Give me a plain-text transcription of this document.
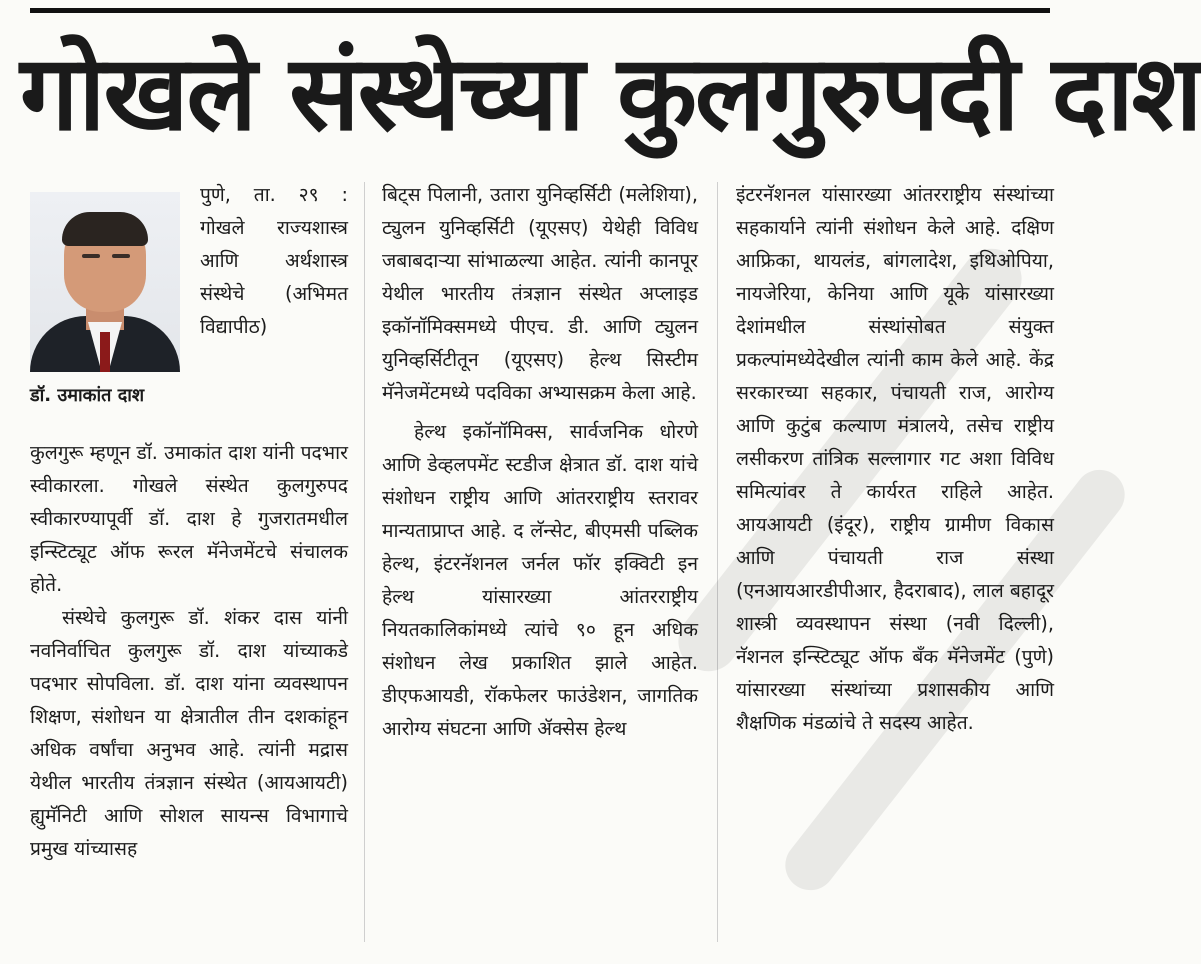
गोखले संस्थेच्या कुलगुरुपदी दाश
डॉ. उमाकांत दाश

पुणे, ता. २९ : गोखले राज्यशास्त्र आणि अर्थशास्त्र संस्थेचे (अभिमत विद्यापीठ)

कुलगुरू म्हणून डॉ. उमाकांत दाश यांनी पदभार स्वीकारला. गोखले संस्थेत कुलगुरुपद स्वीकारण्यापूर्वी डॉ. दाश हे गुजरातमधील इन्स्टिट्यूट ऑफ रूरल मॅनेजमेंटचे संचालक होते.

संस्थेचे कुलगुरू डॉ. शंकर दास यांनी नवनिर्वाचित कुलगुरू डॉ. दाश यांच्याकडे पदभार सोपविला. डॉ. दाश यांना व्यवस्थापन शिक्षण, संशोधन या क्षेत्रातील तीन दशकांहून अधिक वर्षांचा अनुभव आहे. त्यांनी मद्रास येथील भारतीय तंत्रज्ञान संस्थेत (आयआयटी) ह्युमॅनिटी आणि सोशल सायन्स विभागाचे प्रमुख यांच्यासह

बिट्स पिलानी, उतारा युनिव्हर्सिटी (मलेशिया), ट्युलन युनिव्हर्सिटी (यूएसए) येथेही विविध जबाबदाऱ्या सांभाळल्या आहेत. त्यांनी कानपूर येथील भारतीय तंत्रज्ञान संस्थेत अप्लाइड इकॉनॉमिक्समध्ये पीएच. डी. आणि ट्युलन युनिव्हर्सिटीतून (यूएसए) हेल्थ सिस्टीम मॅनेजमेंटमध्ये पदविका अभ्यासक्रम केला आहे.

हेल्थ इकॉनॉमिक्स, सार्वजनिक धोरणे आणि डेव्हलपमेंट स्टडीज क्षेत्रात डॉ. दाश यांचे संशोधन राष्ट्रीय आणि आंतरराष्ट्रीय स्तरावर मान्यताप्राप्त आहे. द लॅन्सेट, बीएमसी पब्लिक हेल्थ, इंटरनॅशनल जर्नल फॉर इक्विटी इन हेल्थ यांसारख्या आंतरराष्ट्रीय नियतकालिकांमध्ये त्यांचे ९० हून अधिक संशोधन लेख प्रकाशित झाले आहेत. डीएफआयडी, रॉकफेलर फाउंडेशन, जागतिक आरोग्य संघटना आणि ॲक्सेस हेल्थ

इंटरनॅशनल यांसारख्या आंतरराष्ट्रीय संस्थांच्या सहकार्याने त्यांनी संशोधन केले आहे. दक्षिण आफ्रिका, थायलंड, बांगलादेश, इथिओपिया, नायजेरिया, केनिया आणि यूके यांसारख्या देशांमधील संस्थांसोबत संयुक्त प्रकल्पांमध्येदेखील त्यांनी काम केले आहे. केंद्र सरकारच्या सहकार, पंचायती राज, आरोग्य आणि कुटुंब कल्याण मंत्रालये, तसेच राष्ट्रीय लसीकरण तांत्रिक सल्लागार गट अशा विविध समित्यांवर ते कार्यरत राहिले आहेत. आयआयटी (इंदूर), राष्ट्रीय ग्रामीण विकास आणि पंचायती राज संस्था (एनआयआरडीपीआर, हैदराबाद), लाल बहादूर शास्त्री व्यवस्थापन संस्था (नवी दिल्ली), नॅशनल इन्स्टिट्यूट ऑफ बँक मॅनेजमेंट (पुणे) यांसारख्या संस्थांच्या प्रशासकीय आणि शैक्षणिक मंडळांचे ते सदस्य आहेत.
